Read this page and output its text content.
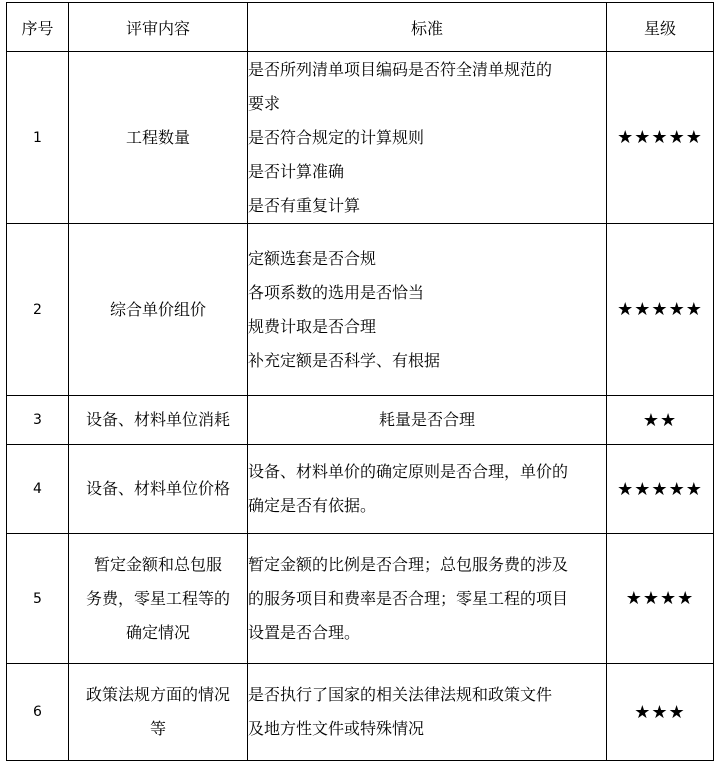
序号	评审内容	标准	星级
1	工程数量	是否所列清单项目编码是否符全清单规范的
要求
是否符合规定的计算规则
是否计算准确
是否有重复计算	★★★★★
2	综合单价组价	定额选套是否合规
各项系数的选用是否恰当
规费计取是否合理
补充定额是否科学、有根据	★★★★★
3	设备、材料单位消耗	耗量是否合理	★★
4	设备、材料单位价格	设备、材料单价的确定原则是否合理，单价的
确定是否有依据。	★★★★★
5	暂定金额和总包服
务费，零星工程等的
确定情况	暂定金额的比例是否合理；总包服务费的涉及
的服务项目和费率是否合理；零星工程的项目
设置是否合理。	★★★★
6	政策法规方面的情况
等	是否执行了国家的相关法律法规和政策文件
及地方性文件或特殊情况	★★★
